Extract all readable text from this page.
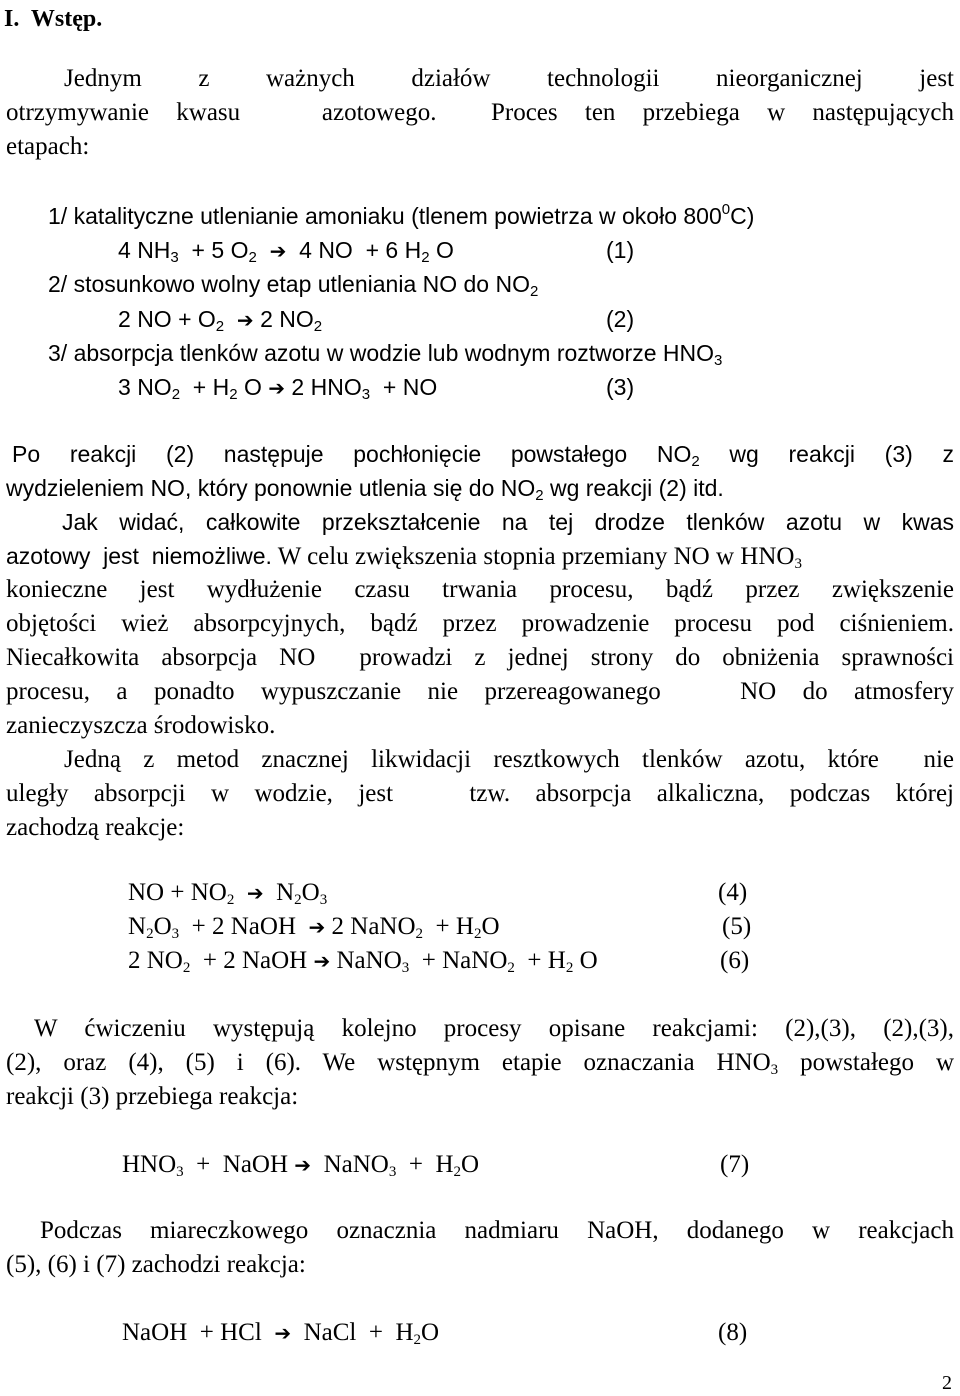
I.  Wstęp.
Jednym z ważnych działów technologii nieorganicznej jest
otrzymywanie kwasu   azotowego.  Proces ten przebiega w następujących
etapach:
1/ katalityczne utlenianie amoniaku (tlenem powietrza w około $800^0C$)
4 $NH_3 + 5$ $O_2$ ➔  4 NO  + 6 $H_2$ O	(1)
2/ stosunkowo wolny etap utleniania NO do $NO_2$
2 NO + $O_2$ ➔ 2 $NO_2$	(2)
3/ absorpcja tlenków azotu w wodzie lub wodnym roztworze $HNO_3$
3 $NO_2 + H_2$ O ➔ 2 $HNO_3$  + NO	(3)
Po reakcji (2) następuje pochłonięcie powstałego $NO_2$ wg reakcji (3) z
wydzieleniem NO, który ponownie utlenia się do $NO_2$ wg reakcji (2) itd.
Jak widać, całkowite przekształcenie na tej drodze tlenków azotu w kwas
azotowy  jest  niemożliwe. W celu zwiększenia stopnia przemiany NO w $HNO_3$
konieczne jest wydłużenie czasu trwania procesu, bądź przez zwiększenie
objętości wież absorpcyjnych, bądź przez prowadzenie procesu pod ciśnieniem.
Niecałkowita absorpcja NO  prowadzi z jednej strony do obniżenia sprawności
procesu, a ponadto wypuszczanie nie przereagowanego   NO do atmosfery
zanieczyszcza środowisko.
Jedną z metod znacznej likwidacji resztkowych tlenków azotu, które  nie
uległy absorpcji w wodzie, jest   tzw. absorpcja alkaliczna, podczas której
zachodzą reakcje:
NO + $NO_2$ ➔ $N_2O_3$	(4)
$N_2O_3 + 2$ NaOH ➔ 2 NaNO$_2$  + $H_2O$	(5)
2 $NO_2 + 2$ NaOH ➔ NaNO$_3$  + NaNO$_2$  + $H_2$ O	(6)
W ćwiczeniu występują kolejno procesy opisane reakcjami: (2),(3), (2),(3),
(2), oraz (4), (5) i (6). We wstępnym etapie oznaczania $HNO_3$ powstałego w
reakcji (3) przebiega reakcja:
$HNO_3$  +  NaOH ➔ NaNO$_3$  +  $H_2O$	(7)
Podczas miareczkowego oznacznia nadmiaru NaOH, dodanego w reakcjach
(5), (6) i (7) zachodzi reakcja:
NaOH  + HCl ➔ NaCl  +  $H_2O$	(8)
2
